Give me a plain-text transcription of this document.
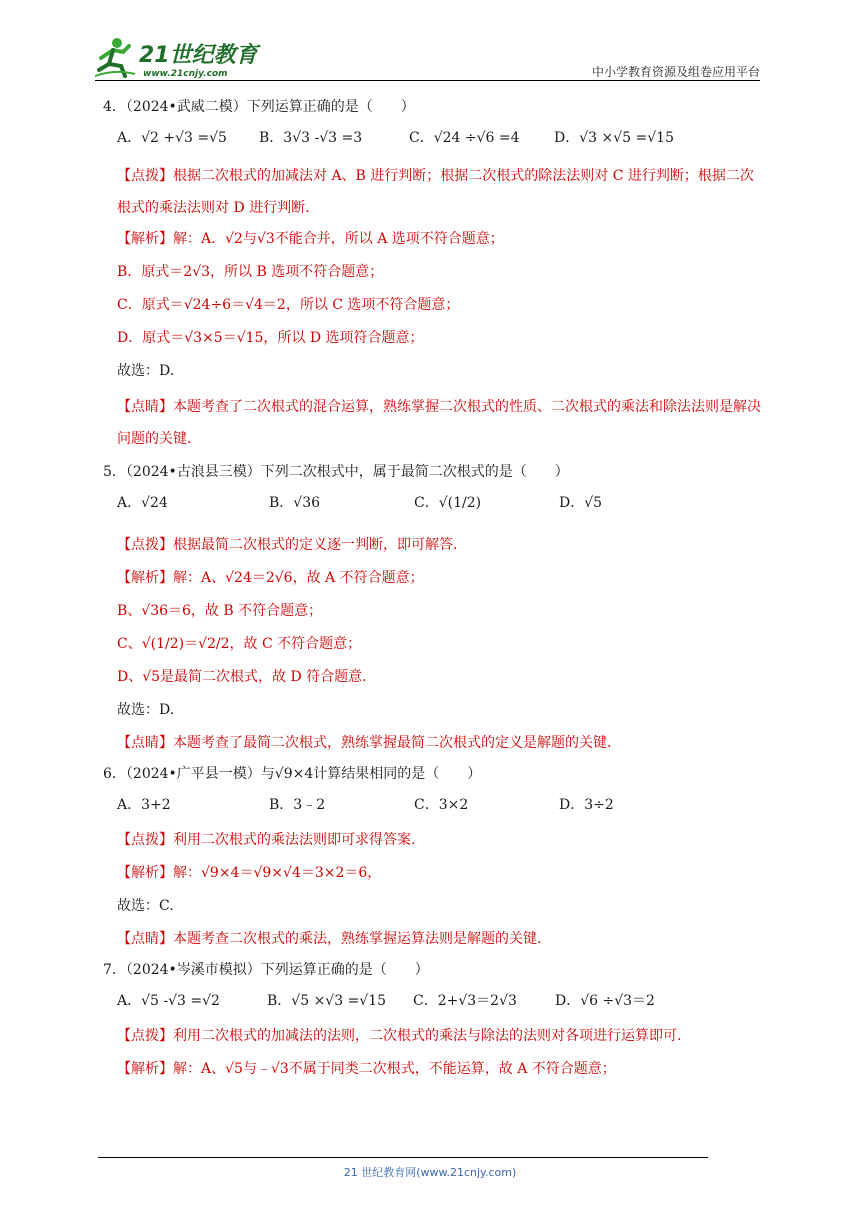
21世纪教育
www.21cnjy.com	中小学教育资源及组卷应用平台
4．（2024•武威二模）下列运算正确的是（　　）
A．√2 +√3 =√5	B．3√3 -√3 =3	C．√24 ÷√6 =4	D．√3 ×√5 =√15
【点拨】根据二次根式的加减法对 A、B 进行判断；根据二次根式的除法法则对 C 进行判断；根据二次根式的乘法法则对 D 进行判断.
【解析】解：A．√2与√3不能合并，所以 A 选项不符合题意；
B．原式＝2√3，所以 B 选项不符合题意；
C．原式＝√24÷6＝√4＝2，所以 C 选项不符合题意；
D．原式＝√3×5＝√15，所以 D 选项符合题意；
故选：D.
【点睛】本题考查了二次根式的混合运算，熟练掌握二次根式的性质、二次根式的乘法和除法法则是解决问题的关键.
5．（2024•古浪县三模）下列二次根式中，属于最简二次根式的是（　　）
A．√24	B．√36	C．√(1/2)	D．√5
【点拨】根据最简二次根式的定义逐一判断，即可解答.
【解析】解：A、√24＝2√6，故 A 不符合题意；
B、√36＝6，故 B 不符合题意；
C、√(1/2)＝√2/2，故 C 不符合题意；
D、√5是最简二次根式，故 D 符合题意.
故选：D.
【点睛】本题考查了最简二次根式，熟练掌握最简二次根式的定义是解题的关键.
6．（2024•广平县一模）与√9×4计算结果相同的是（　　）
A．3+2	B．3﹣2	C．3×2	D．3÷2
【点拨】利用二次根式的乘法法则即可求得答案.
【解析】解：√9×4＝√9×√4＝3×2＝6，
故选：C.
【点睛】本题考查二次根式的乘法，熟练掌握运算法则是解题的关键.
7．（2024•岑溪市模拟）下列运算正确的是（　　）
A．√5 -√3 =√2	B．√5 ×√3 =√15	C．2+√3＝2√3	D．√6 ÷√3＝2
【点拨】利用二次根式的加减法的法则，二次根式的乘法与除法的法则对各项进行运算即可.
【解析】解：A、√5与﹣√3不属于同类二次根式，不能运算，故 A 不符合题意；
21 世纪教育网(www.21cnjy.com)
